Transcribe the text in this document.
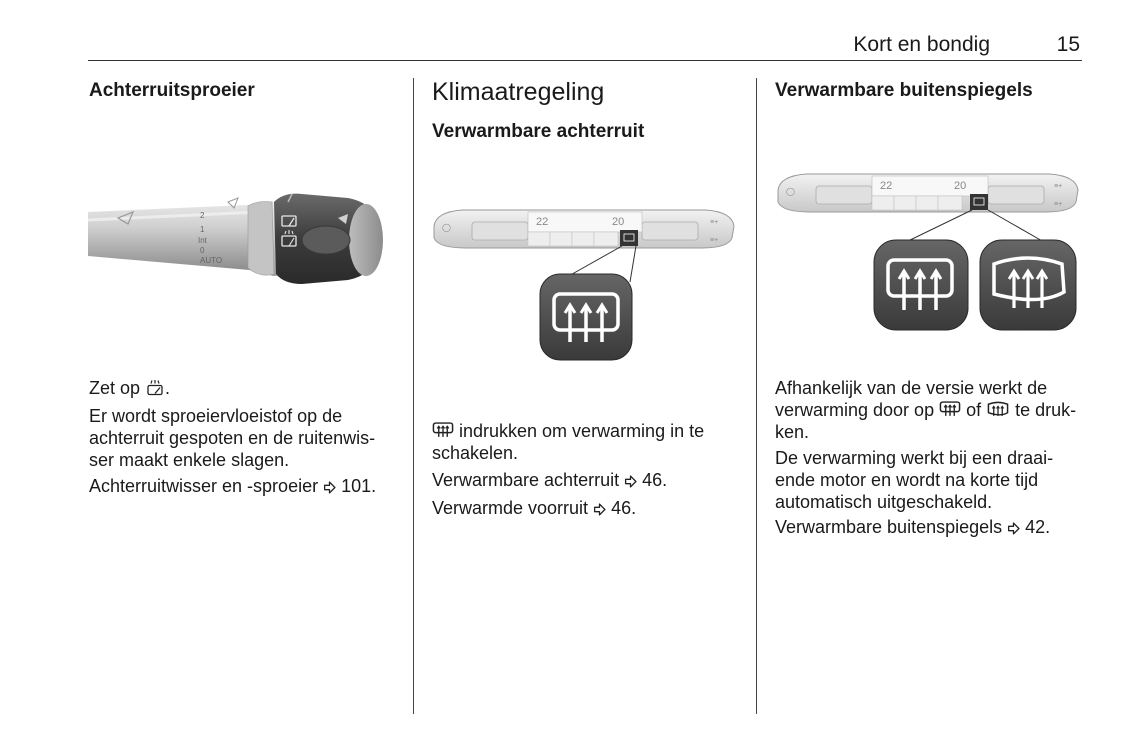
Kort en bondig	15
Achterruitsproeier
2
1
Int
0
AUTO
Zet op .
Er wordt sproeiervloeistof op de
achterruit gespoten en de ruitenwis-
ser maakt enkele slagen.
Achterruitwisser en -sproeier  101.
Klimaatregeling
Verwarmbare achterruit
22	20
◯
≡+
≡+
indrukken om verwarming in te
schakelen.
Verwarmbare achterruit  46.
Verwarmde voorruit  46.
Verwarmbare buitenspiegels
22	20
◯
≡+
≡+
Afhankelijk van de versie werkt de
verwarming door op  of  te druk-
ken.
De verwarming werkt bij een draai-
ende motor en wordt na korte tijd
automatisch uitgeschakeld.
Verwarmbare buitenspiegels  42.
